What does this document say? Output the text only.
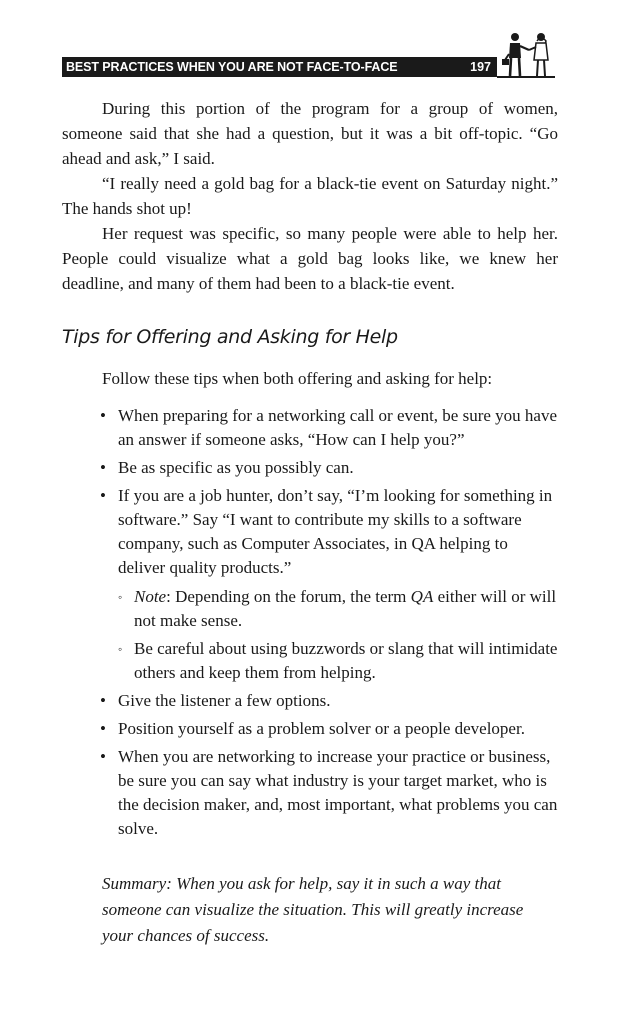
BEST PRACTICES WHEN YOU ARE NOT FACE-TO-FACE	197

During this portion of the program for a group of women, someone said that she had a question, but it was a bit off-topic. “Go ahead and ask,” I said.

“I really need a gold bag for a black-tie event on Saturday night.” The hands shot up!

Her request was specific, so many people were able to help her. People could visualize what a gold bag looks like, we knew her deadline, and many of them had been to a black-tie event.

Tips for Offering and Asking for Help

Follow these tips when both offering and asking for help:

• When preparing for a networking call or event, be sure you have an answer if someone asks, “How can I help you?”
• Be as specific as you possibly can.
• If you are a job hunter, don’t say, “I’m looking for something in software.” Say “I want to contribute my skills to a software company, such as Computer Associates, in QA helping to deliver quality products.”
◦ Note: Depending on the forum, the term QA either will or will not make sense.
◦ Be careful about using buzzwords or slang that will intimidate others and keep them from helping.
• Give the listener a few options.
• Position yourself as a problem solver or a people developer.
• When you are networking to increase your practice or business, be sure you can say what industry is your target market, who is the decision maker, and, most important, what problems you can solve.

Summary: When you ask for help, say it in such a way that someone can visualize the situation. This will greatly increase your chances of success.
